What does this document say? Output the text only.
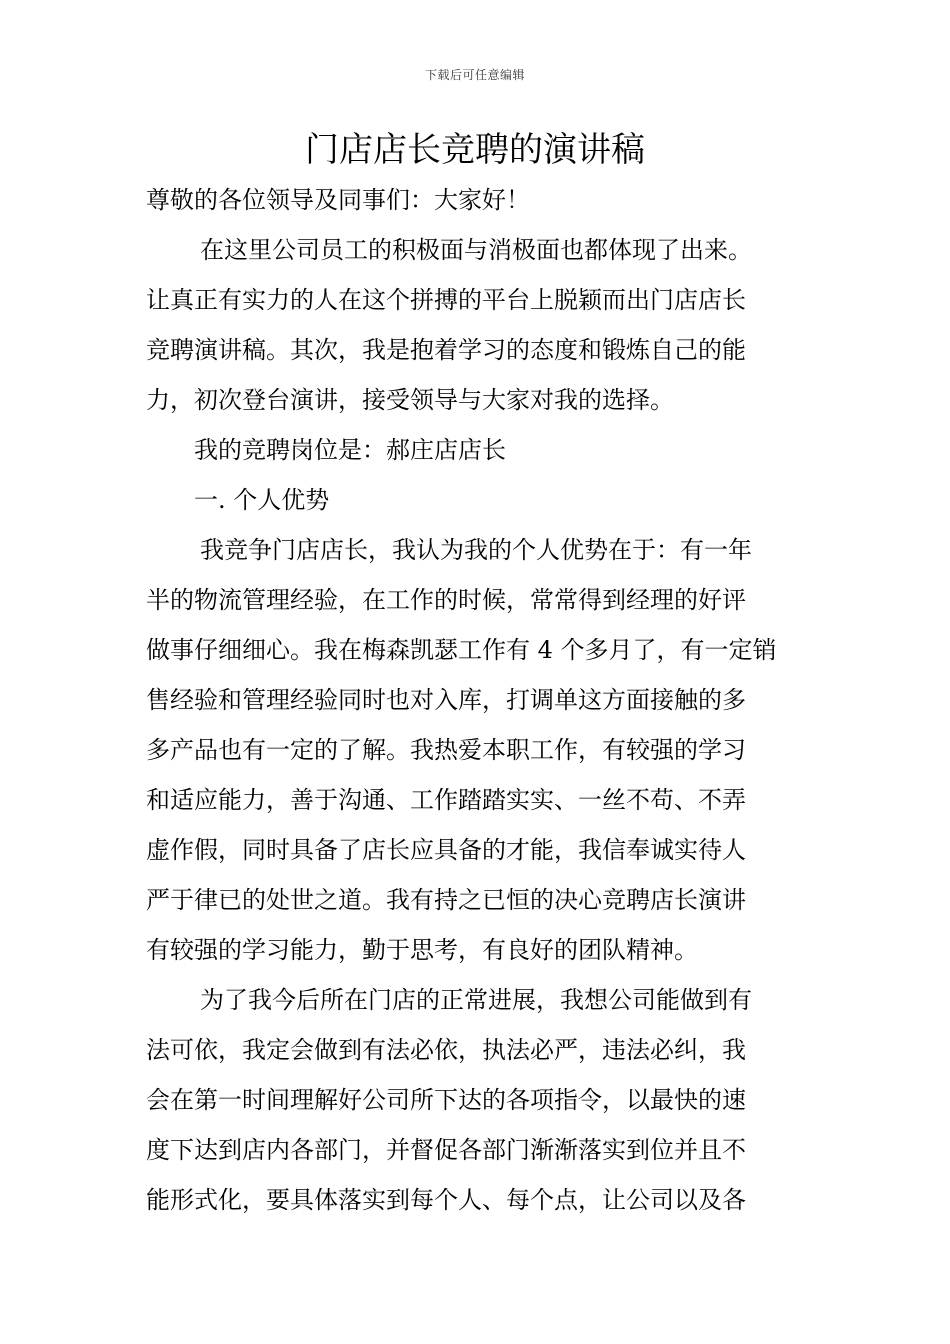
下载后可任意编辑
门店店长竞聘的演讲稿
尊敬的各位领导及同事们：大家好！
在这里公司员工的积极面与消极面也都体现了出来。
让真正有实力的人在这个拼搏的平台上脱颖而出门店店长
竞聘演讲稿。其次，我是抱着学习的态度和锻炼自己的能
力，初次登台演讲，接受领导与大家对我的选择。
我的竞聘岗位是：郝庄店店长
一. 个人优势
我竞争门店店长，我认为我的个人优势在于：有一年
半的物流管理经验，在工作的时候，常常得到经理的好评
做事仔细细心。我在梅森凯瑟工作有 4 个多月了，有一定销
售经验和管理经验同时也对入库，打调单这方面接触的多
多产品也有一定的了解。我热爱本职工作，有较强的学习
和适应能力，善于沟通、工作踏踏实实、一丝不苟、不弄
虚作假，同时具备了店长应具备的才能，我信奉诚实待人
严于律已的处世之道。我有持之已恒的决心竞聘店长演讲
有较强的学习能力，勤于思考，有良好的团队精神。
为了我今后所在门店的正常进展，我想公司能做到有
法可依，我定会做到有法必依，执法必严，违法必纠，我
会在第一时间理解好公司所下达的各项指令，以最快的速
度下达到店内各部门，并督促各部门渐渐落实到位并且不
能形式化，要具体落实到每个人、每个点，让公司以及各
